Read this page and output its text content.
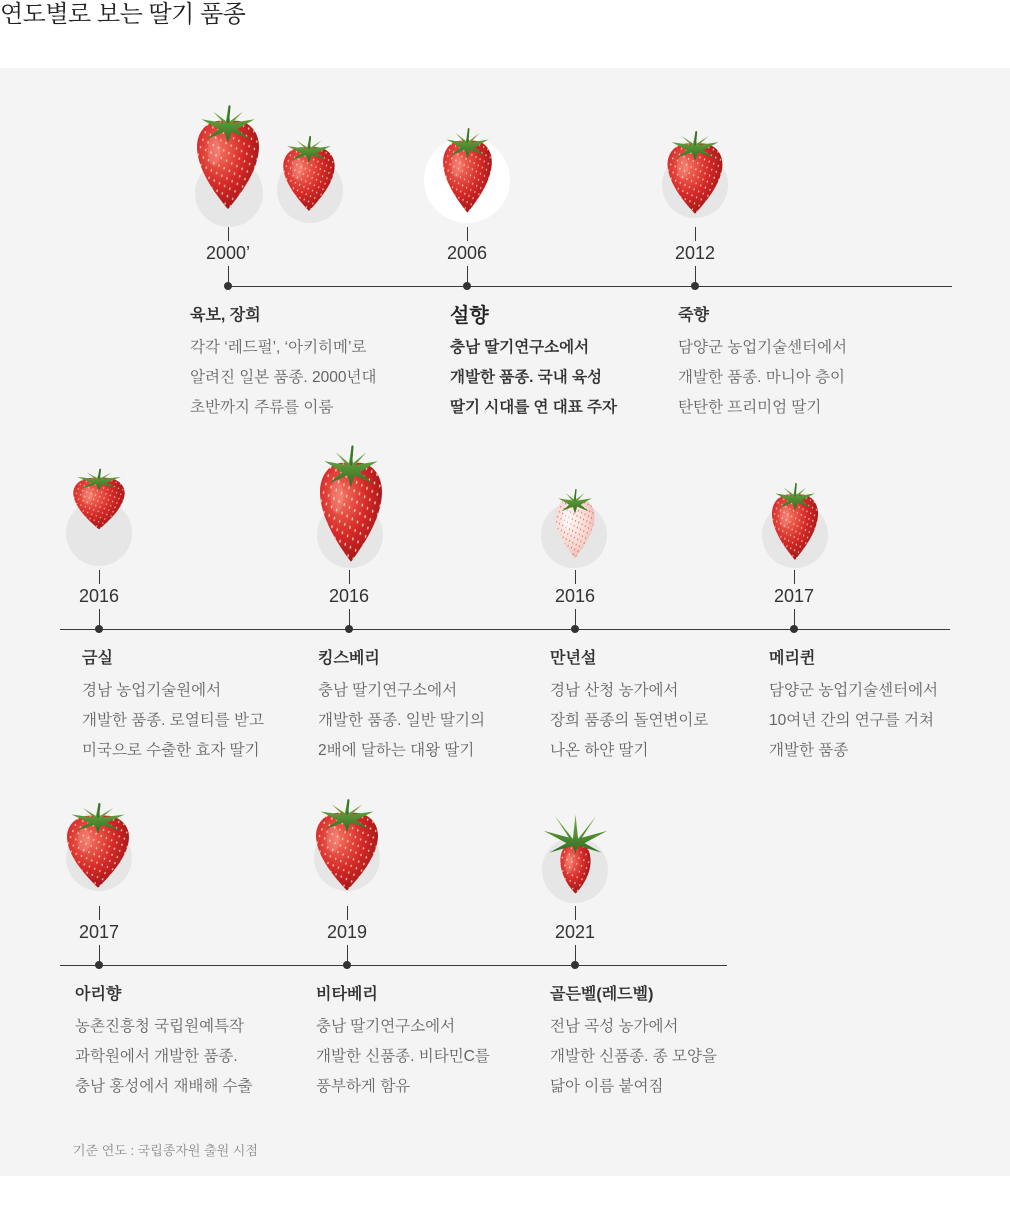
연도별로 보는 딸기 품종
2000’
육보, 장희
각각 ‘레드펄’, ‘아키히메’로
알려진 일본 품종. 2000년대
초반까지 주류를 이룸
2006
설향
충남 딸기연구소에서
개발한 품종. 국내 육성
딸기 시대를 연 대표 주자
2012
죽향
담양군 농업기술센터에서
개발한 품종. 마니아 층이
탄탄한 프리미엄 딸기
2016
금실
경남 농업기술원에서
개발한 품종. 로열티를 받고
미국으로 수출한 효자 딸기
2016
킹스베리
충남 딸기연구소에서
개발한 품종. 일반 딸기의
2배에 달하는 대왕 딸기
2016
만년설
경남 산청 농가에서
장희 품종의 돌연변이로
나온 하얀 딸기
2017
메리퀸
담양군 농업기술센터에서
10여년 간의 연구를 거쳐
개발한 품종
2017
아리향
농촌진흥청 국립원예특작
과학원에서 개발한 품종.
충남 홍성에서 재배해 수출
2019
비타베리
충남 딸기연구소에서
개발한 신품종. 비타민C를
풍부하게 함유
2021
골든벨(레드벨)
전남 곡성 농가에서
개발한 신품종. 종 모양을
닮아 이름 붙여짐
기준 연도 : 국립종자원 출원 시점
